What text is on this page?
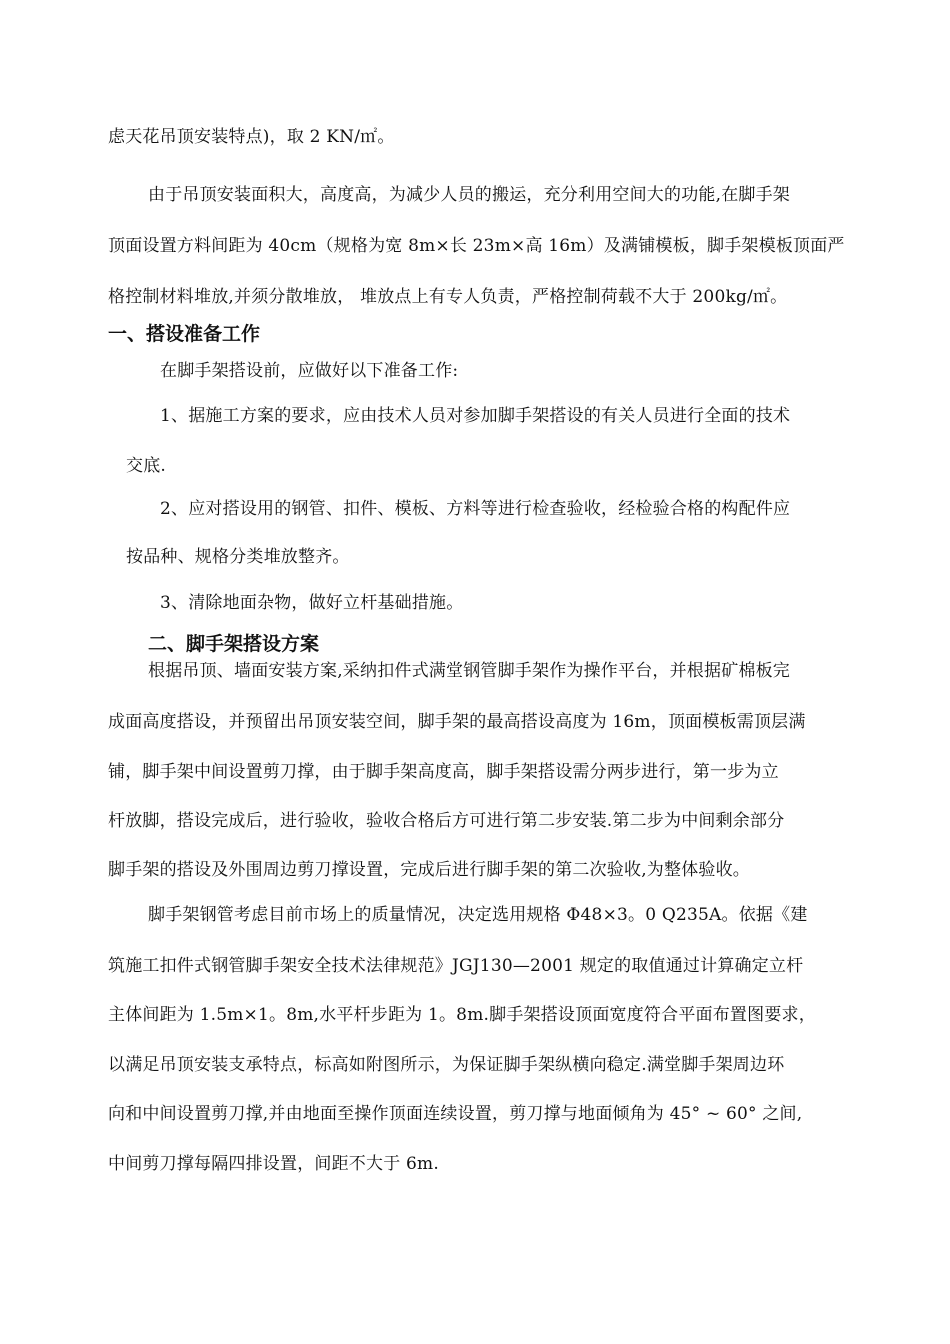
虑天花吊顶安装特点)，取 2 KN/㎡。
由于吊顶安装面积大，高度高，为减少人员的搬运，充分利用空间大的功能,在脚手架
顶面设置方料间距为 40cm（规格为宽 8m×长 23m×高 16m）及满铺模板，脚手架模板顶面严
格控制材料堆放,并须分散堆放， 堆放点上有专人负责，严格控制荷载不大于 200kg/㎡。
一、搭设准备工作
在脚手架搭设前，应做好以下准备工作:
1、据施工方案的要求，应由技术人员对参加脚手架搭设的有关人员进行全面的技术
交底.
2、应对搭设用的钢管、扣件、模板、方料等进行检查验收，经检验合格的构配件应
按品种、规格分类堆放整齐。
3、清除地面杂物，做好立杆基础措施。
二、脚手架搭设方案
根据吊顶、墙面安装方案,采纳扣件式满堂钢管脚手架作为操作平台，并根据矿棉板完
成面高度搭设，并预留出吊顶安装空间，脚手架的最高搭设高度为 16m，顶面模板需顶层满
铺，脚手架中间设置剪刀撑，由于脚手架高度高，脚手架搭设需分两步进行，第一步为立
杆放脚，搭设完成后，进行验收，验收合格后方可进行第二步安装.第二步为中间剩余部分
脚手架的搭设及外围周边剪刀撑设置，完成后进行脚手架的第二次验收,为整体验收。
脚手架钢管考虑目前市场上的质量情况，决定选用规格 Φ48×3。0 Q235A。依据《建
筑施工扣件式钢管脚手架安全技术法律规范》JGJ130—2001 规定的取值通过计算确定立杆
主体间距为 1.5m×1。8m,水平杆步距为 1。8m.脚手架搭设顶面宽度符合平面布置图要求，
以满足吊顶安装支承特点，标高如附图所示，为保证脚手架纵横向稳定.满堂脚手架周边环
向和中间设置剪刀撑,并由地面至操作顶面连续设置，剪刀撑与地面倾角为 45° ~ 60° 之间,
中间剪刀撑每隔四排设置，间距不大于 6m.
